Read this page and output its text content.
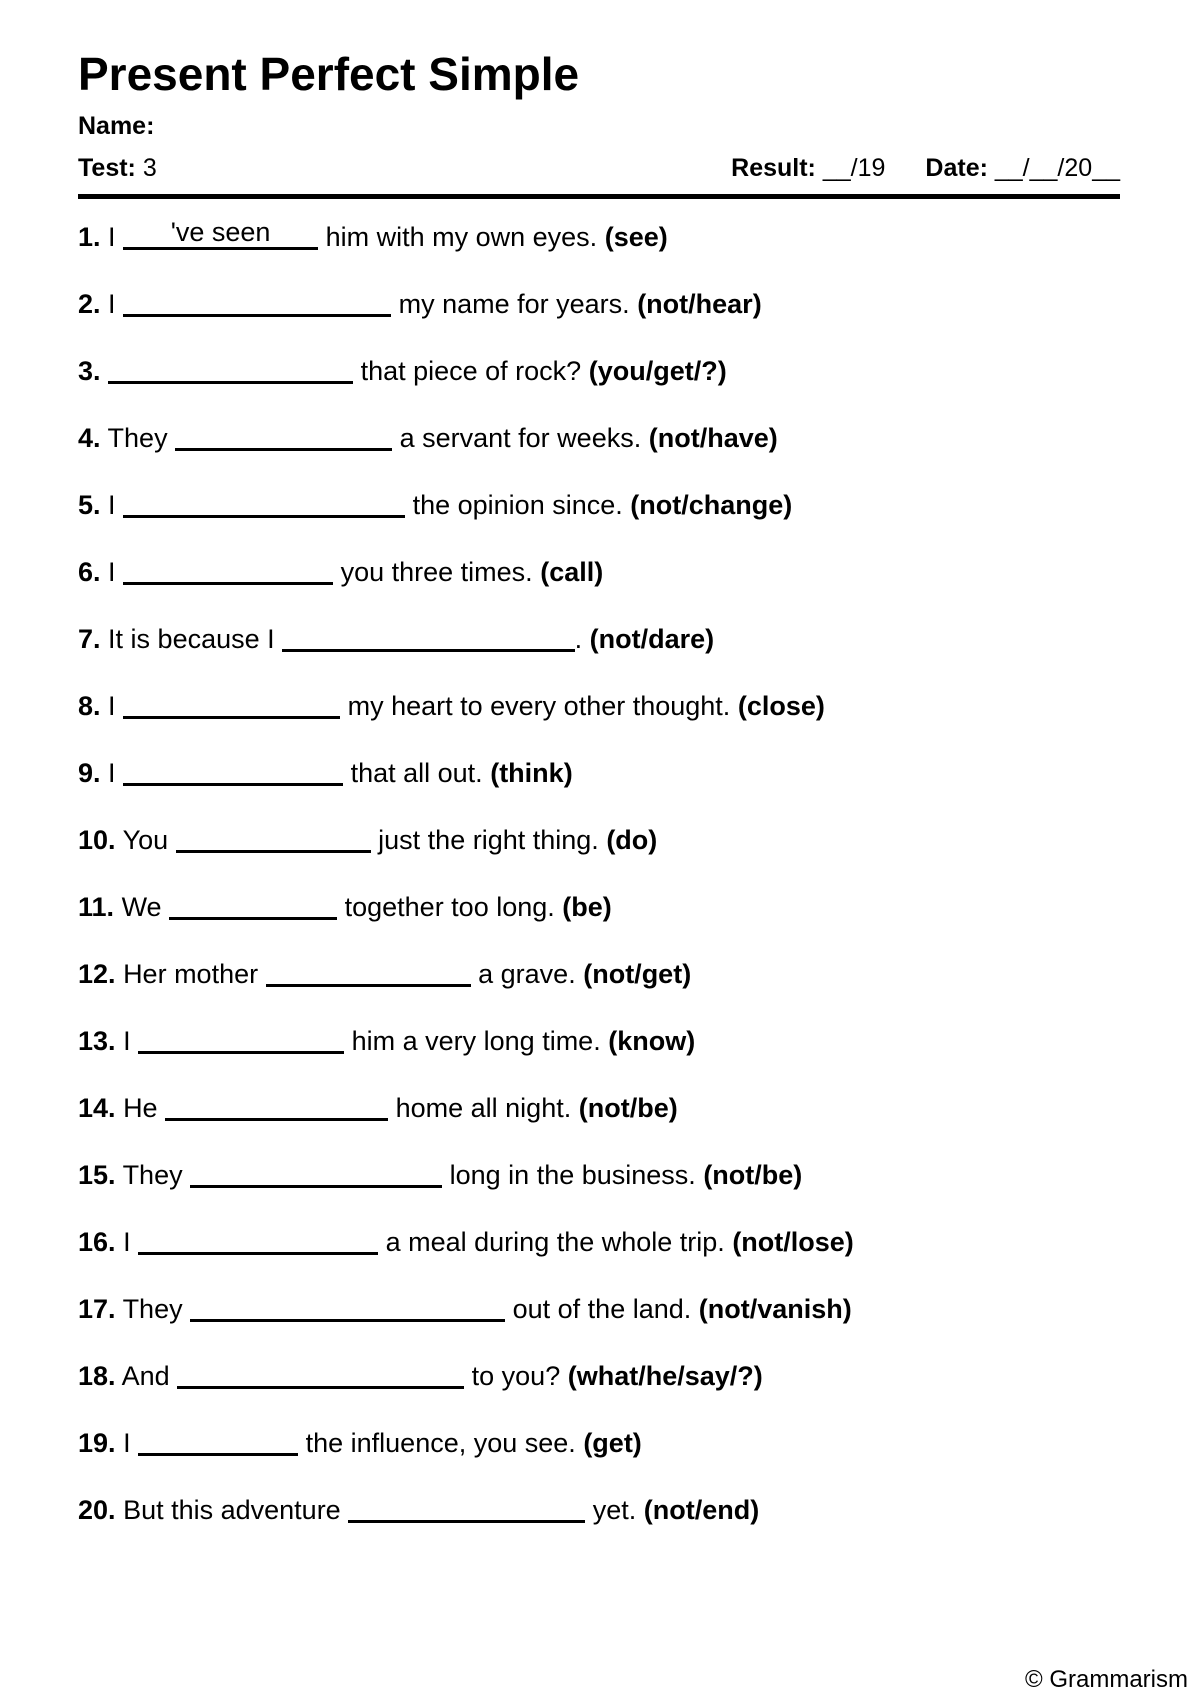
Present Perfect Simple
Name:
Test: 3	Result: __/19 Date: __/__/20__

1. I	've seen	him with my own eyes. (see)

2. I	my name for years. (not/hear)

3.	that piece of rock? (you/get/?)

4. They	a servant for weeks. (not/have)

5. I	the opinion since. (not/change)

6. I	you three times. (call)

7. It is because I	. (not/dare)

8. I	my heart to every other thought. (close)

9. I	that all out. (think)

10. You	just the right thing. (do)

11. We	together too long. (be)

12. Her mother	a grave. (not/get)

13. I	him a very long time. (know)

14. He	home all night. (not/be)

15. They	long in the business. (not/be)

16. I	a meal during the whole trip. (not/lose)

17. They	out of the land. (not/vanish)

18. And	to you? (what/he/say/?)

19. I	the influence, you see. (get)

20. But this adventure	yet. (not/end)

© Grammarism
